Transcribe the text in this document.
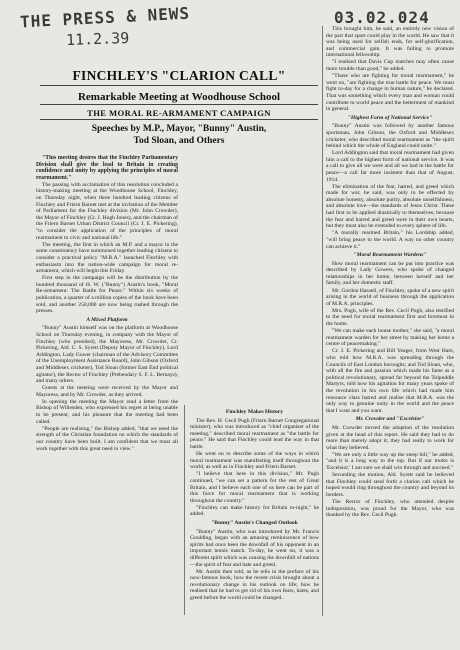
THE PRESS & NEWS
11.2.39
03.02.024
FINCHLEY'S "CLARION CALL"
Remarkable Meeting at Woodhouse School
THE MORAL RE-ARMAMENT CAMPAIGN
Speeches by M.P., Mayor, "Bunny" Austin,
Tod Sloan, and Others

"This meeting desires that the Finchley Parliamentary Division shall give the lead to Britain in creating confidence and unity by applying the principles of moral rearmament."

The passing with acclamation of this resolution concluded a history-making meeting at the Woodhouse School, Finchley, on Thursday night, when three hundred leading citizens of Finchley and Friern Barnet met at the invitation of the Member of Parliament for the Finchley division (Mr. John Crowder), the Mayor of Finchley (Cr. J. Hugh Jones), and the chairman of the Friern Barnet Urban District Council (Cr. J. E. Pickering), "to consider the application of the principles of moral rearmament to civic and national life."

The meeting, the first in which an M.P. and a mayor in the same constituency have summoned together leading citizens to consider a practical policy "M.R.A." launched Finchley with enthusiasm into the nation-wide campaign for moral re-armament, which will begin this Friday.

First step in the campaign will be the distribution by the hundred thousand of H. W. ("Bunny") Austin's book, "Moral Re-armament: The Battle for Peace." Within six weeks of publication, a quarter of a million copies of the book have been sold, and another 250,000 are now being rushed through the presses.

A Mixed Platform

"Bunny" Austin himself was on the platform at Woodhouse School on Thursday evening, in company with the Mayor of Finchley (who presided), the Mayoress, Mr. Crowder, Cr. Pickering, Ald. C. S. Syrett (Deputy Mayor of Finchley), Lord Addington, Lady Gower (chairman of the Advisory Committee of the Unemployment Assistance Board), John Gibson (Oxford and Middlesex cricketer), Tod Sloan (former East End political agitator), the Rector of Finchley (Prebendary S. F. L. Bernays), and many others.

Guests at the meeting were received by the Mayor and Mayoress, and by Mr. Crowder, as they arrived.

In opening the meeting the Mayor read a letter from the Bishop of Willesden, who expressed his regret at being unable to be present, and his pleasure that the meeting had been called.

"People are realising," the Bishop added, "that we need the strength of the Christian foundation on which the standards of our country have been built. I am confident that we must all work together with this great need in view."

Finchley Makes History

The Rev. H. Cecil Pugh (Friern Barnet Congregational minister), who was introduced as "chief organiser of the meeting," described moral rearmament as "the battle for peace." He said that Finchley could lead the way in that battle.

He went on to describe some of the ways in which moral rearmament was manifesting itself throughout the world, as well as in Finchley and Friern Barnet.

"I believe that here in this division," Mr. Pugh continued, "we can set a pattern for the rest of Great Britain, and I believe each one of us here can be part of this force for moral rearmament that is working throughout the country."

"Finchley can make history for Britain to-night," he added.

"Bunny" Austin's Changed Outlook

"Bunny" Austin, who was introduced by Mr. Francis Goulding, began with an amusing reminiscence of how spirits had once been the downfall of his opponent in an important tennis match. To-day, he went on, it was a different spirit which was causing the downfall of nations—the spirit of fear and hate and greed.

Mr. Austin then told, as he tells in the preface of his now-famous book, how the recent crisis brought about a revolutionary change in his outlook on life; how he realised that he had to get rid of his own fears, hates, and greed before the world could be changed.

This brought him, he said, an entirely new vision of the part that sport could play in the world. He saw that it was being used for selfish ends, for self-glorification, and commercial gain. It was failing to promote international fellowship.

"I realised that Davis Cup matches may often cause more trouble than good," he added.

"Those who are fighting for moral rearmament," he went on, "are fighting the true battle for peace. We must fight to-day for a change in human nature," he declared. That was something which every man and woman could contribute to world peace and the betterment of mankind in general.

"Highest Form of National Service"

"Bunny" Austin was followed by another famous sportsman, John Gibson, the Oxford and Middlesex cricketer, who described moral rearmament as "the spirit behind which the whole of England could unite."

Lord Addington said that moral rearmament had given him a call to the highest form of national service. It was a call to give all we were and all we had in the battle for peace—a call far more insistent than that of August, 1914.

The elimination of the fear, hatred, and greed which made for war, he said, was only to be effected by absolute honesty, absolute purity, absolute unselfishness, and absolute love—the standards of Jesus Christ. These had first to be applied drastically to themselves; because the fear and hatred and greed were in their own hearts, but they must also be extended to every sphere of life.

"A morally rearmed Britain," his Lordship added, "will bring peace to the world. A way no other country can achieve it."

"Moral Rearmament Wardens"

How moral rearmament can be put into practice was described by Lady Gowers, who spoke of changed relationships in her home, between herself and her family, and her domestic staff.

Mr. Gordon Hassell, of Finchley, spoke of a new spirit arising in the world of business through the application of M.R.A. principles.

Mrs. Pugh, wife of the Rev. Cecil Pugh, also testified to the need for moral rearmament first and foremost in the home.

"We can make each house mother," she said, "a moral rearmament warden for her street by making her home a centre of peacemaking."

Cr. J. E. Pickering and Bill Yeager, from West Ham, who told how M.R.A. was spreading through the Councils of East London boroughs; and Tod Sloan, who, with all the fire and passion which made his fame as a political revolutionary, spread far beyond the Tolpuddle Martyrs, told how his agitation for many years spoke of the revolution in his own life which had made him renounce class hatred and realise that M.R.A. was the only way to genuine unity in the world and the peace that I want and you want.

Mr. Crowder and "Excelsior"

Mr. Crowder moved the adoption of the resolution given at the head of this report. He said they had to do more than merely adopt it; they had really to work for what they believed.

"We are only a little way up the steep hill," he added, "and it is a long way to the top. But if our motto is 'Excelsior,' I am sure we shall win through and succeed."

Seconding the motion, Ald. Syrett said he believed that Finchley could send forth a clarion call which he hoped would ring throughout the country and beyond its borders.

The Rector of Finchley, who attended despite indisposition, was proud for the Mayor, who was thanked by the Rev. Cecil Pugh.
